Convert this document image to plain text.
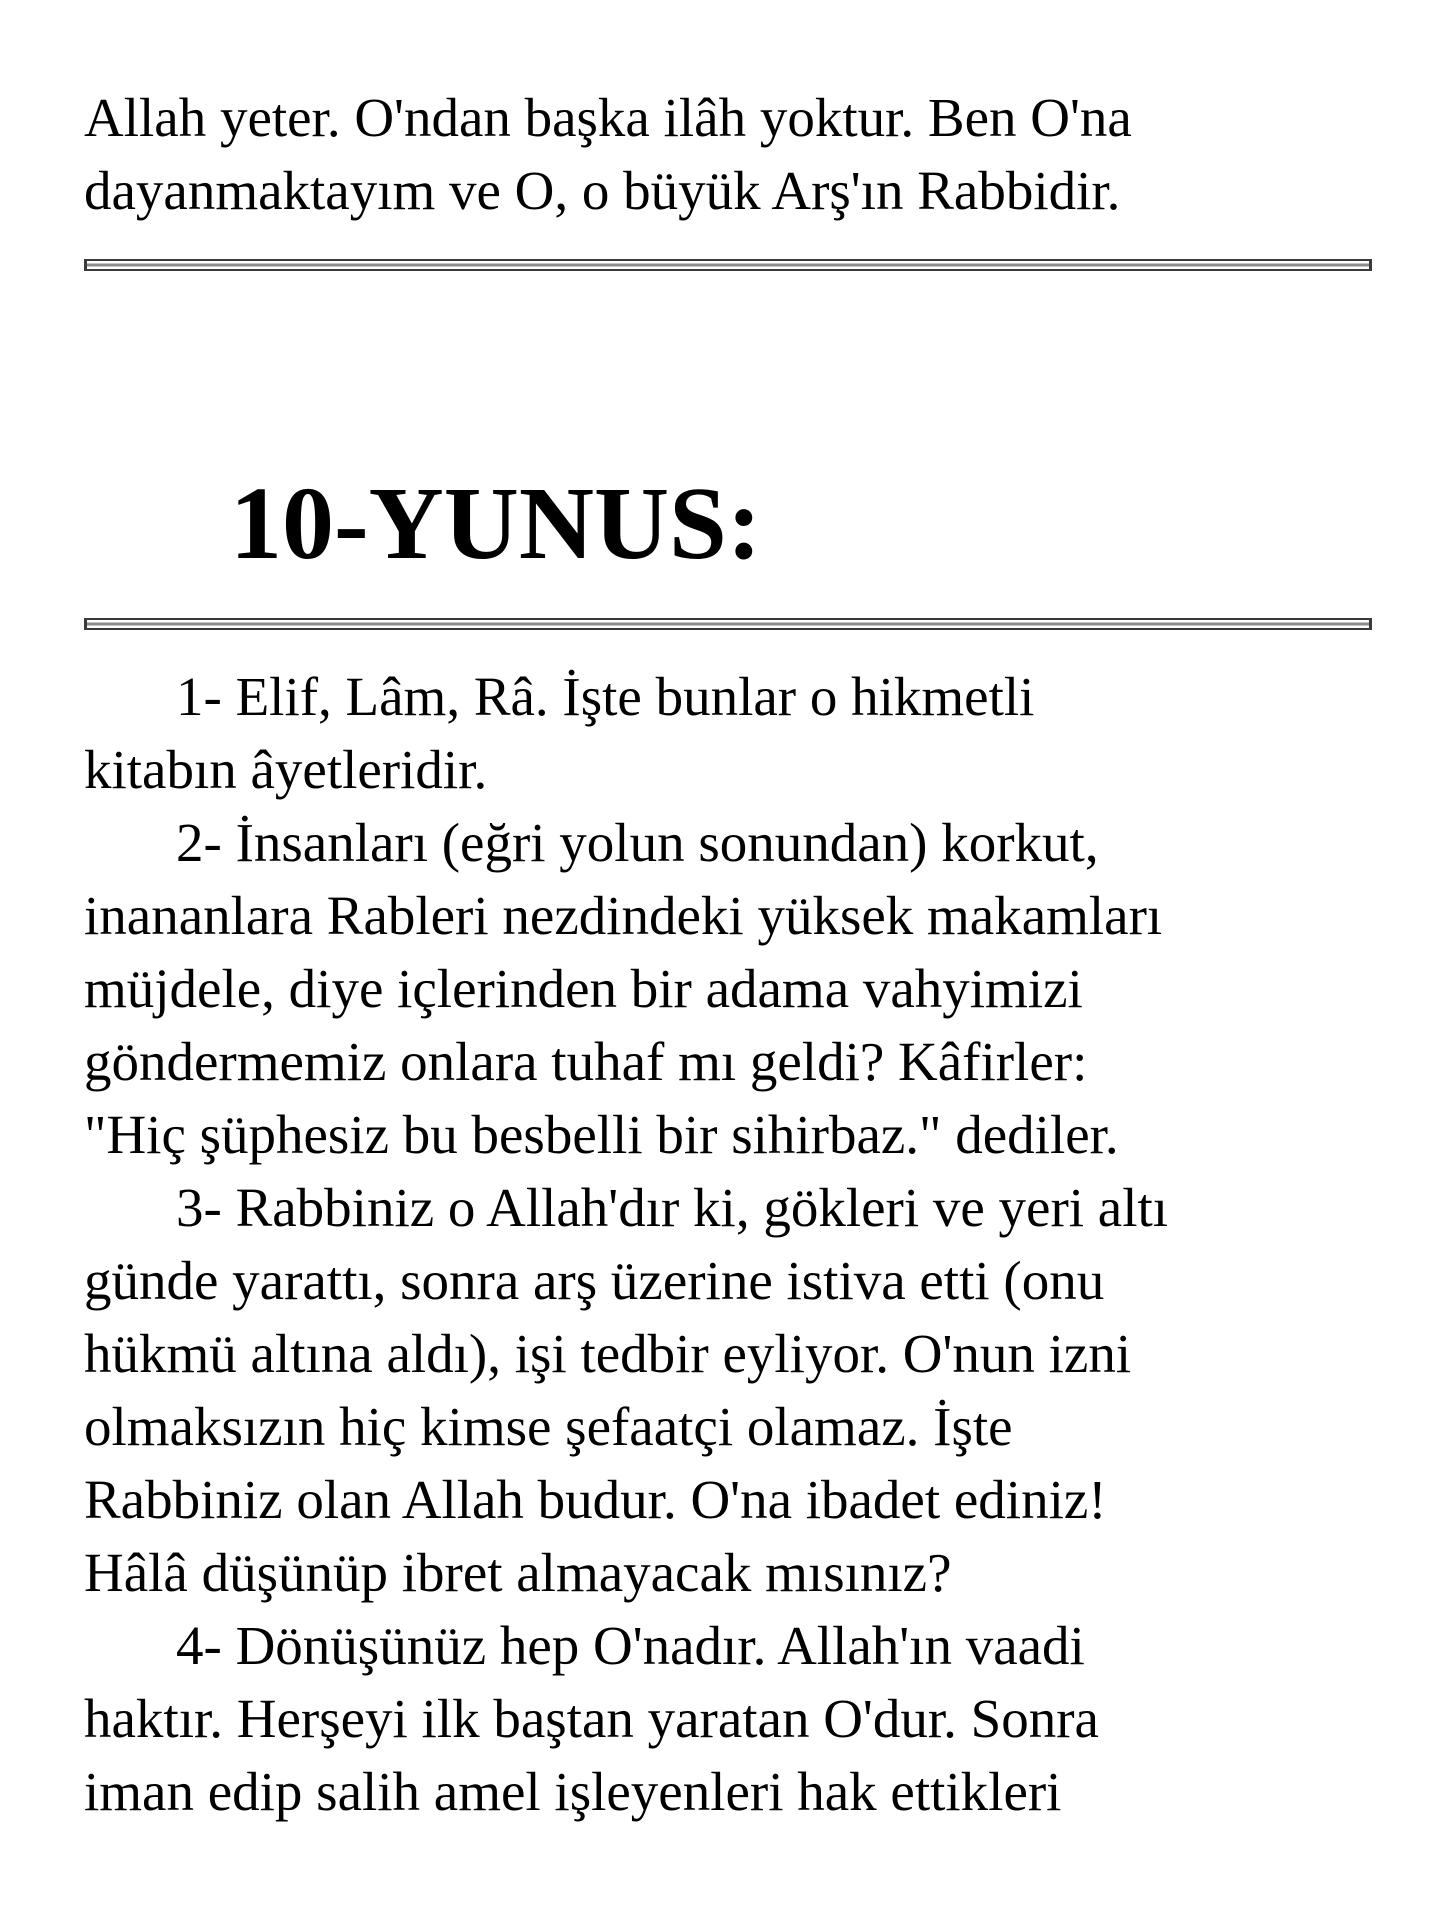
Allah yeter. O'ndan başka ilâh yoktur. Ben O'na
dayanmaktayım ve O, o büyük Arş'ın Rabbidir.
10-YUNUS:
1- Elif, Lâm, Râ. İşte bunlar o hikmetli
kitabın âyetleridir.
2- İnsanları (eğri yolun sonundan) korkut,
inananlara Rableri nezdindeki yüksek makamları
müjdele, diye içlerinden bir adama vahyimizi
göndermemiz onlara tuhaf mı geldi? Kâfirler:
"Hiç şüphesiz bu besbelli bir sihirbaz." dediler.
3- Rabbiniz o Allah'dır ki, gökleri ve yeri altı
günde yarattı, sonra arş üzerine istiva etti (onu
hükmü altına aldı), işi tedbir eyliyor. O'nun izni
olmaksızın hiç kimse şefaatçi olamaz. İşte
Rabbiniz olan Allah budur. O'na ibadet ediniz!
Hâlâ düşünüp ibret almayacak mısınız?
4- Dönüşünüz hep O'nadır. Allah'ın vaadi
haktır. Herşeyi ilk baştan yaratan O'dur. Sonra
iman edip salih amel işleyenleri hak ettikleri
